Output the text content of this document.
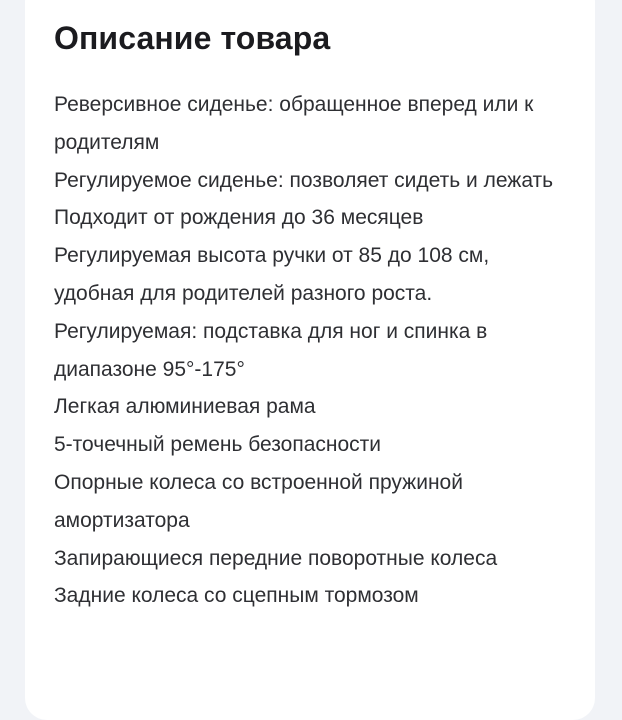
Описание товара
Реверсивное сиденье: обращенное вперед или к родителям
Регулируемое сиденье: позволяет сидеть и лежать
Подходит от рождения до 36 месяцев
Регулируемая высота ручки от 85 до 108 см, удобная для родителей разного роста.
Регулируемая: подставка для ног и спинка в диапазоне 95°-175°
Легкая алюминиевая рама
5-точечный ремень безопасности
Опорные колеса со встроенной пружиной амортизатора
Запирающиеся передние поворотные колеса
Задние колеса со сцепным тормозом
